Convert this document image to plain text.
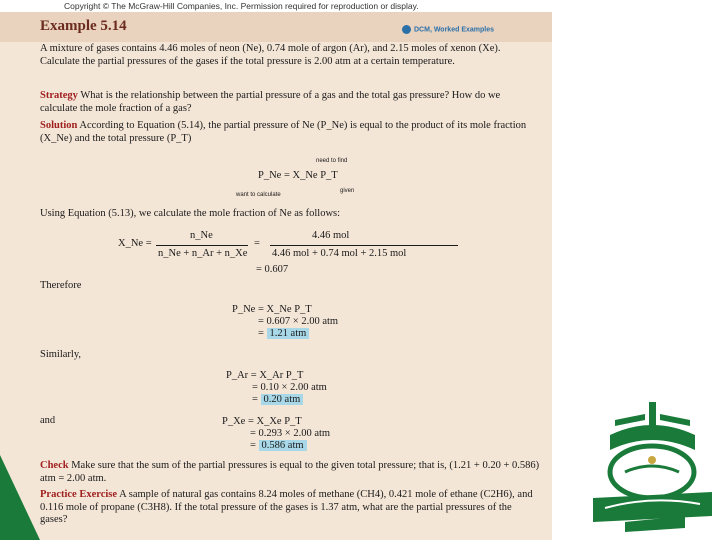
Copyright © The McGraw-Hill Companies, Inc. Permission required for reproduction or display.
Example 5.14	DCM, Worked Examples
A mixture of gases contains 4.46 moles of neon (Ne), 0.74 mole of argon (Ar), and 2.15 moles of xenon (Xe). Calculate the partial pressures of the gases if the total pressure is 2.00 atm at a certain temperature.
Strategy What is the relationship between the partial pressure of a gas and the total gas pressure? How do we calculate the mole fraction of a gas?
Solution According to Equation (5.14), the partial pressure of Ne (P_Ne) is equal to the product of its mole fraction (X_Ne) and the total pressure (P_T)
need to find
P_Ne = X_Ne P_T
want to calculate
given
Using Equation (5.13), we calculate the mole fraction of Ne as follows:
X_Ne =
n_Ne
n_Ne + n_Ar + n_Xe
=
4.46 mol
4.46 mol + 0.74 mol + 2.15 mol
= 0.607
Therefore
P_Ne = X_Ne P_T
= 0.607 × 2.00 atm
= 1.21 atm
Similarly,
P_Ar = X_Ar P_T
= 0.10 × 2.00 atm
= 0.20 atm
and	P_Xe = X_Xe P_T
= 0.293 × 2.00 atm
= 0.586 atm
Check Make sure that the sum of the partial pressures is equal to the given total pressure; that is, (1.21 + 0.20 + 0.586) atm = 2.00 atm.
Practice Exercise A sample of natural gas contains 8.24 moles of methane (CH4), 0.421 mole of ethane (C2H6), and 0.116 mole of propane (C3H8). If the total pressure of the gases is 1.37 atm, what are the partial pressures of the gases?
